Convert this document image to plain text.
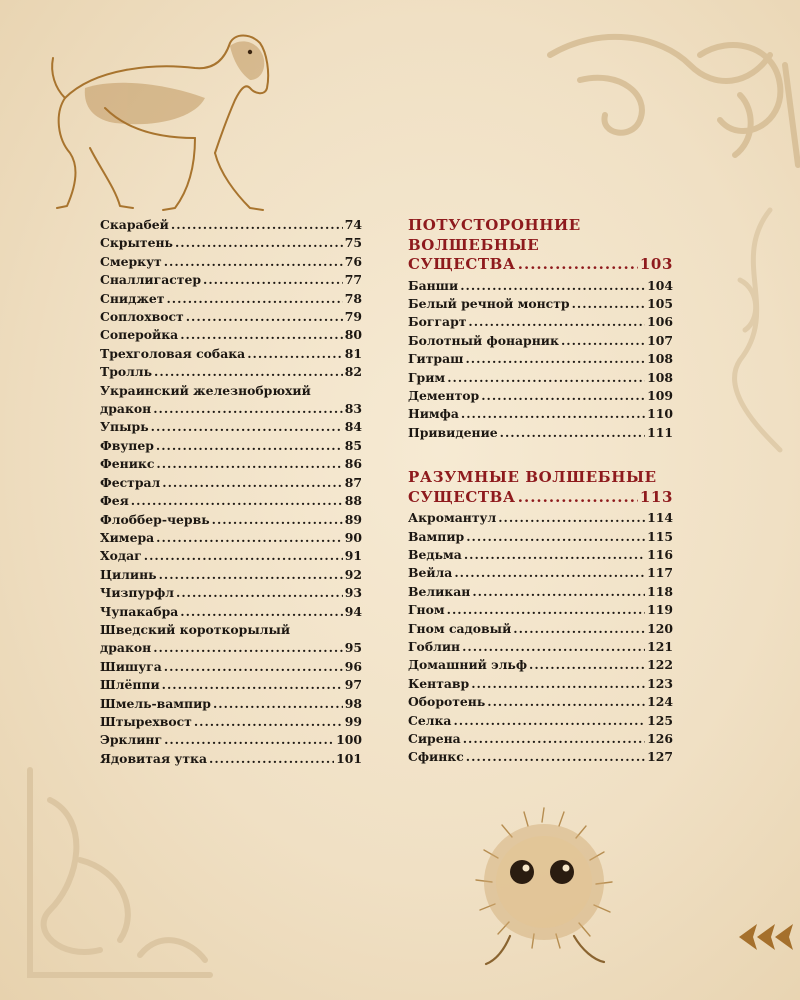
Скарабей .....	74
Скрытень .....	75
Смеркут .....	76
Сналлигастер .....	77
Сниджет .....	78
Соплохвост .....	79
Соперойка .....	80
Трехголовая собака .....	81
Тролль .....	82
Украинский железнобрюхий
дракон .....	83
Упырь .....	84
Фвупер .....	85
Феникс .....	86
Фестрал .....	87
Фея .....	88
Флоббер-червь .....	89
Химера .....	90
Ходаг .....	91
Цилинь .....	92
Чизпурфл .....	93
Чупакабра .....	94
Шведский короткорылый
дракон .....	95
Шишуга .....	96
Шлёппи .....	97
Шмель-вампир .....	98
Штырехвост .....	99
Эрклинг .....	100
Ядовитая утка .....	101
ПОТУСТОРОННИЕ
ВОЛШЕБНЫЕ
СУЩЕСТВА .....	103
Банши .....	104
Белый речной монстр .....	105
Боггарт .....	106
Болотный фонарник .....	107
Гитраш .....	108
Грим .....	108
Дементор .....	109
Нимфа .....	110
Привидение .....	111
РАЗУМНЫЕ ВОЛШЕБНЫЕ
СУЩЕСТВА .....	113
Акромантул .....	114
Вампир .....	115
Ведьма .....	116
Вейла .....	117
Великан .....	118
Гном .....	119
Гном садовый .....	120
Гоблин .....	121
Домашний эльф .....	122
Кентавр .....	123
Оборотень .....	124
Селка .....	125
Сирена .....	126
Сфинкс .....	127
